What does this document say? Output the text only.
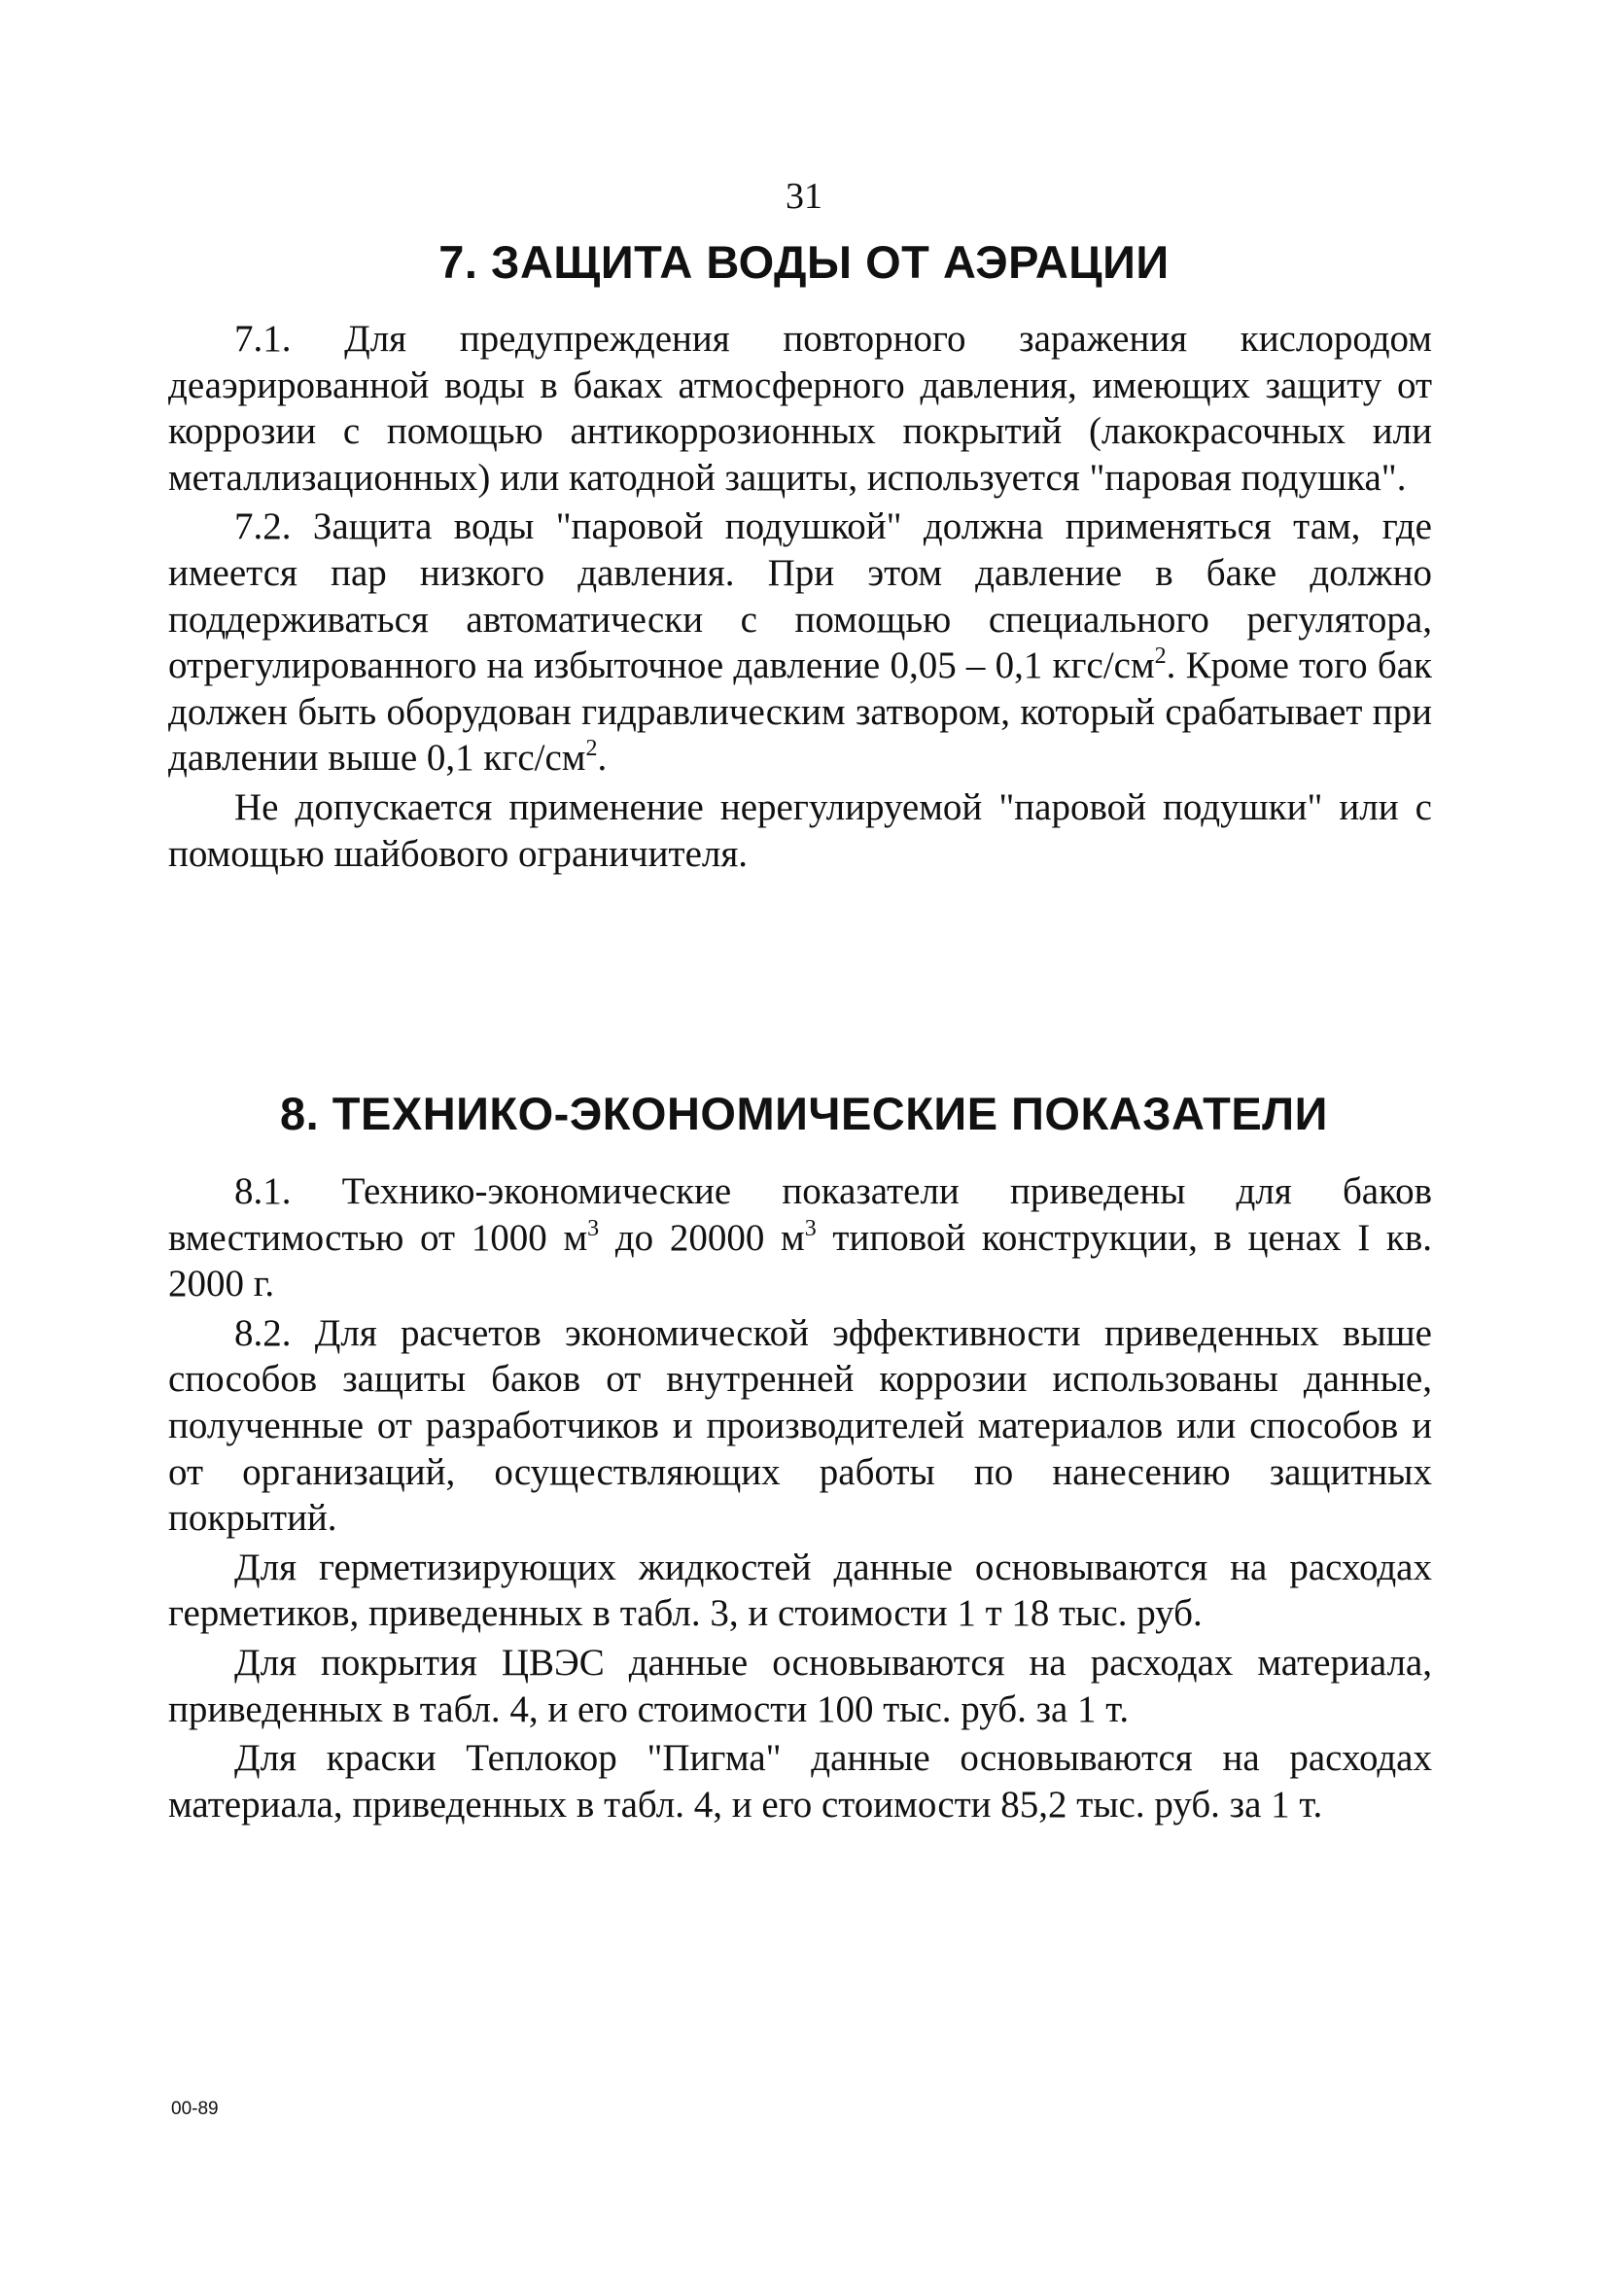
31
7. ЗАЩИТА ВОДЫ ОТ АЭРАЦИИ

7.1. Для предупреждения повторного заражения кислородом деаэрированной воды в баках атмосферного давления, имеющих защиту от коррозии с помощью антикоррозионных покрытий (лакокрасочных или металлизационных) или катодной защиты, используется "паровая подушка".

7.2. Защита воды "паровой подушкой" должна применяться там, где имеется пар низкого давления. При этом давление в баке должно поддерживаться автоматически с помощью специального регулятора, отрегулированного на избыточное давление 0,05 – 0,1 кгс/$см^2$. Кроме того бак должен быть оборудован гидравлическим затвором, который срабатывает при давлении выше 0,1 кгс/$см^2$.

Не допускается применение нерегулируемой "паровой подушки" или с помощью шайбового ограничителя.

8. ТЕХНИКО-ЭКОНОМИЧЕСКИЕ ПОКАЗАТЕЛИ

8.1. Технико-экономические показатели приведены для баков вместимостью от 1000 $м^3$ до 20000 $м^3$ типовой конструкции, в ценах I кв. 2000 г.

8.2. Для расчетов экономической эффективности приведенных выше способов защиты баков от внутренней коррозии использованы данные, полученные от разработчиков и производителей материалов или способов и от организаций, осуществляющих работы по нанесению защитных покрытий.

Для герметизирующих жидкостей данные основываются на расходах герметиков, приведенных в табл. 3, и стоимости 1 т 18 тыс. руб.

Для покрытия ЦВЭС данные основываются на расходах материала, приведенных в табл. 4, и его стоимости 100 тыс. руб. за 1 т.

Для краски Теплокор "Пигма" данные основываются на расходах материала, приведенных в табл. 4, и его стоимости 85,2 тыс. руб. за 1 т.

00-89
